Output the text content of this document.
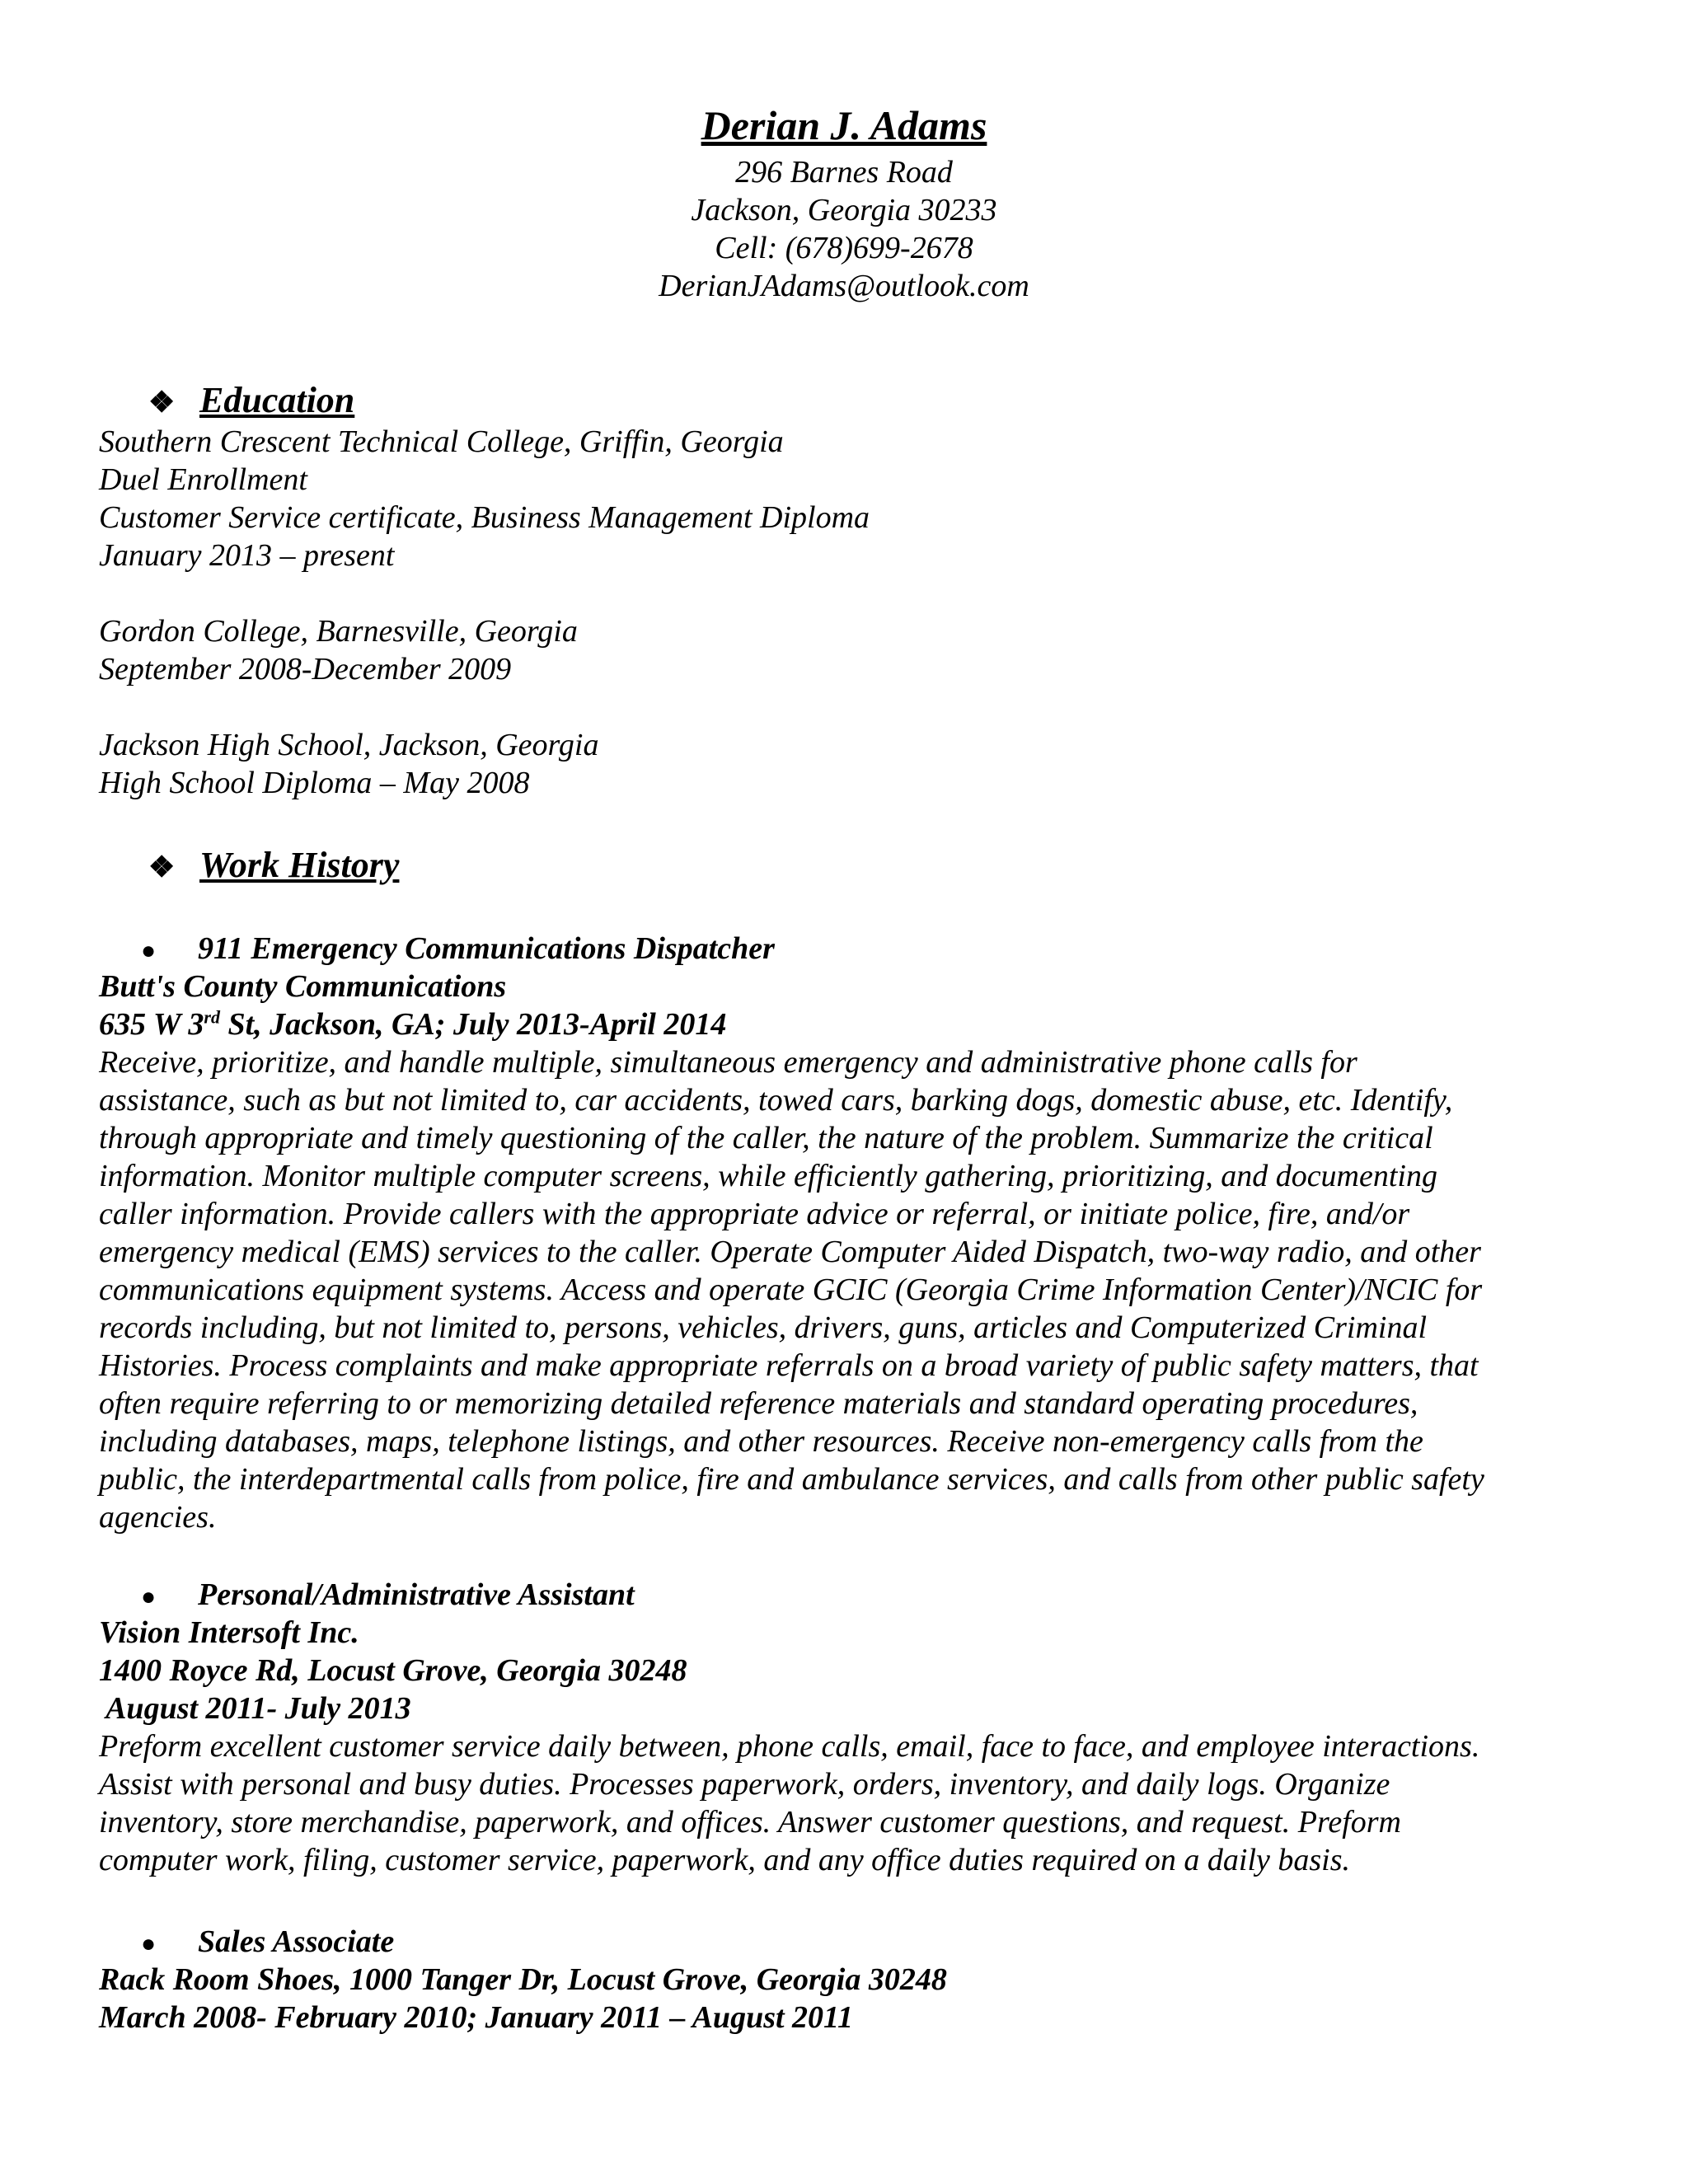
Derian J. Adams
296 Barnes Road
Jackson, Georgia 30233
Cell: (678)699-2678
DerianJAdams@outlook.com
❖ Education
Southern Crescent Technical College, Griffin, Georgia
Duel Enrollment
Customer Service certificate, Business Management Diploma
January 2013 – present
Gordon College, Barnesville, Georgia
September 2008-December 2009
Jackson High School, Jackson, Georgia
High School Diploma – May 2008
❖ Work History
● 911 Emergency Communications Dispatcher
Butt's County Communications
635 W 3rd St, Jackson, GA; July 2013-April 2014
Receive, prioritize, and handle multiple, simultaneous emergency and administrative phone calls for
assistance, such as but not limited to, car accidents, towed cars, barking dogs, domestic abuse, etc. Identify,
through appropriate and timely questioning of the caller, the nature of the problem. Summarize the critical
information. Monitor multiple computer screens, while efficiently gathering, prioritizing, and documenting
caller information. Provide callers with the appropriate advice or referral, or initiate police, fire, and/or
emergency medical (EMS) services to the caller. Operate Computer Aided Dispatch, two-way radio, and other
communications equipment systems. Access and operate GCIC (Georgia Crime Information Center)/NCIC for
records including, but not limited to, persons, vehicles, drivers, guns, articles and Computerized Criminal
Histories. Process complaints and make appropriate referrals on a broad variety of public safety matters, that
often require referring to or memorizing detailed reference materials and standard operating procedures,
including databases, maps, telephone listings, and other resources. Receive non-emergency calls from the
public, the interdepartmental calls from police, fire and ambulance services, and calls from other public safety
agencies.
● Personal/Administrative Assistant
Vision Intersoft Inc.
1400 Royce Rd, Locust Grove, Georgia 30248
August 2011- July 2013
Preform excellent customer service daily between, phone calls, email, face to face, and employee interactions.
Assist with personal and busy duties. Processes paperwork, orders, inventory, and daily logs. Organize
inventory, store merchandise, paperwork, and offices. Answer customer questions, and request. Preform
computer work, filing, customer service, paperwork, and any office duties required on a daily basis.
● Sales Associate
Rack Room Shoes, 1000 Tanger Dr, Locust Grove, Georgia 30248
March 2008- February 2010; January 2011 – August 2011
